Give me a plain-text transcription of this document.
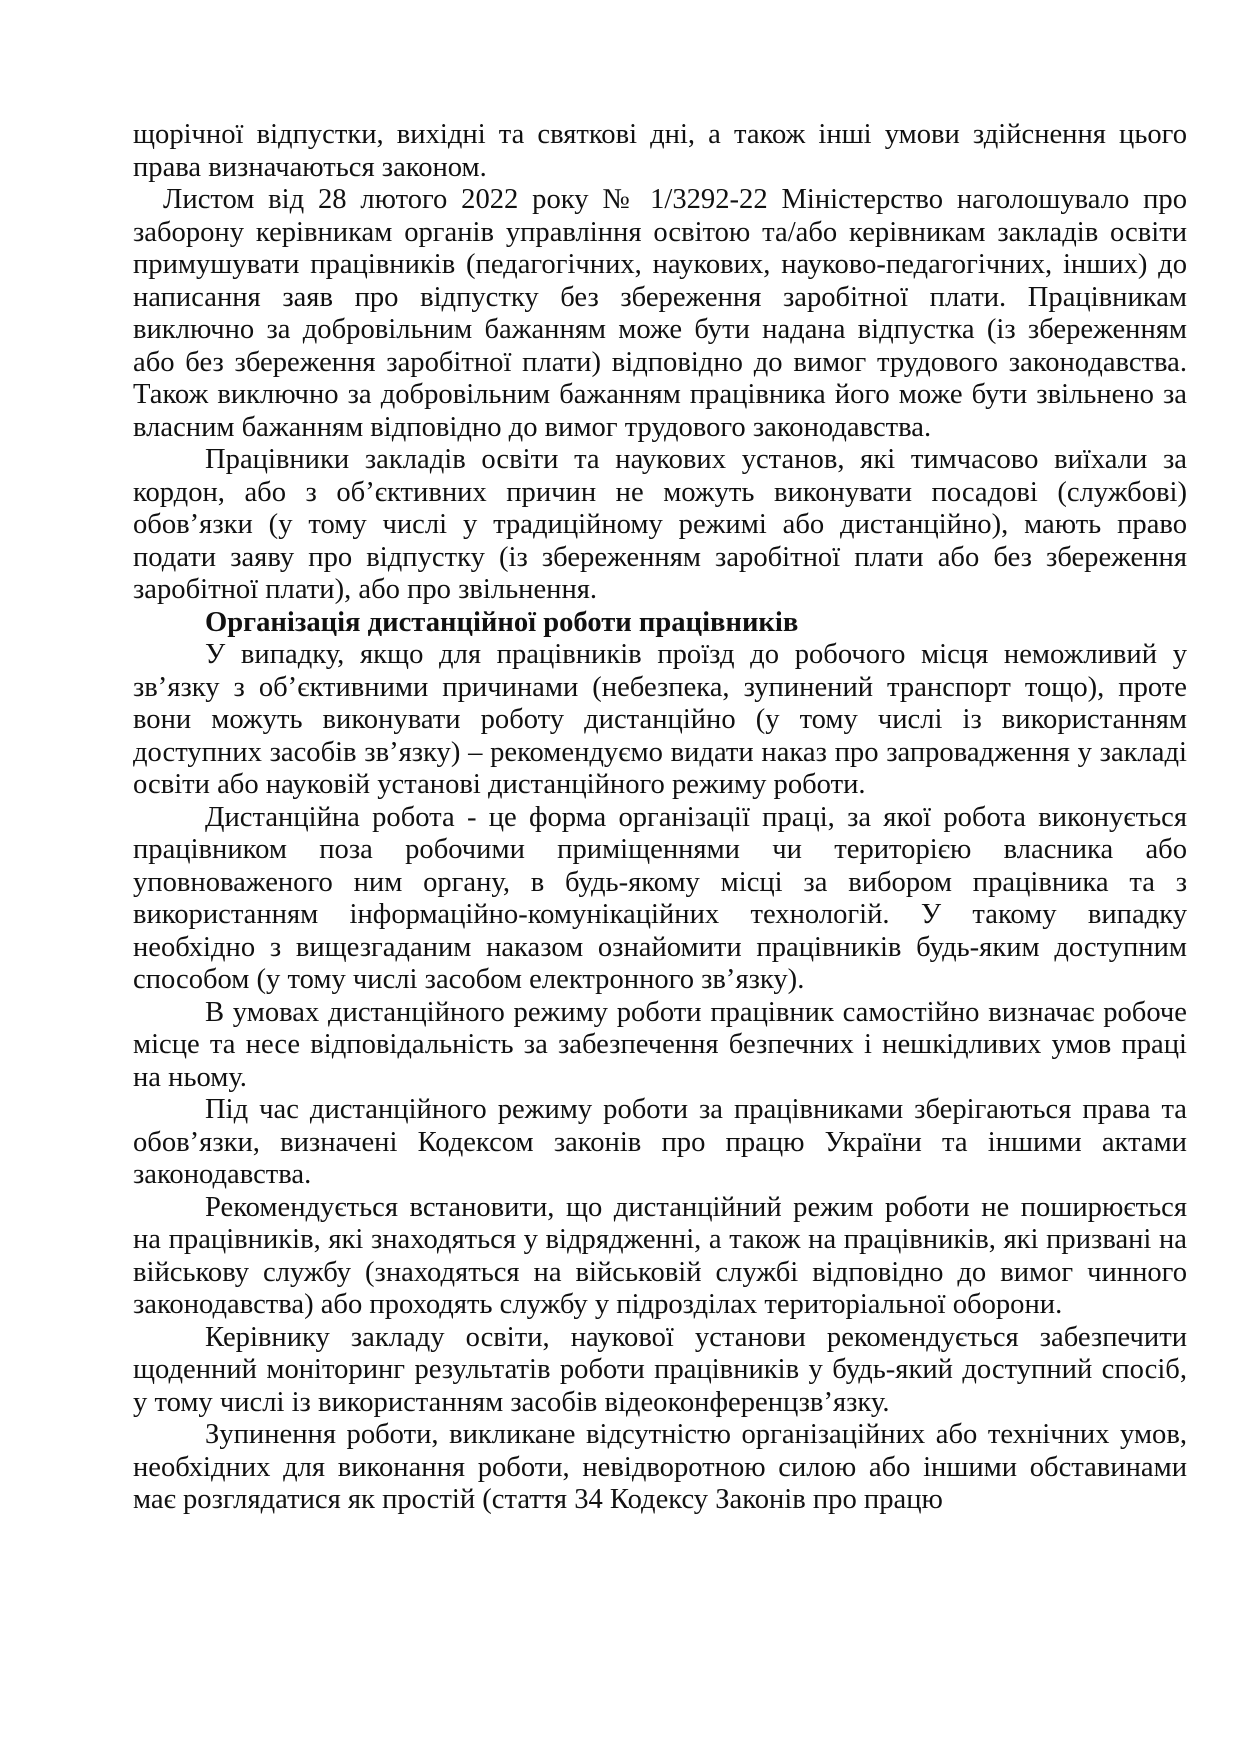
щорічної відпустки, вихідні та святкові дні, а також інші умови здійснення цього права визначаються законом.

Листом від 28 лютого 2022 року № 1/3292-22 Міністерство наголошувало про заборону керівникам органів управління освітою та/або керівникам закладів освіти примушувати працівників (педагогічних, наукових, науково-педагогічних, інших) до написання заяв про відпустку без збереження заробітної плати. Працівникам виключно за добровільним бажанням може бути надана відпустка (із збереженням або без збереження заробітної плати) відповідно до вимог трудового законодавства. Також виключно за добровільним бажанням працівника його може бути звільнено за власним бажанням відповідно до вимог трудового законодавства.

Працівники закладів освіти та наукових установ, які тимчасово виїхали за кордон, або з об’єктивних причин не можуть виконувати посадові (службові) обов’язки (у тому числі у традиційному режимі або дистанційно), мають право подати заяву про відпустку (із збереженням заробітної плати або без збереження заробітної плати), або про звільнення.

Організація дистанційної роботи працівників

У випадку, якщо для працівників проїзд до робочого місця неможливий у зв’язку з об’єктивними причинами (небезпека, зупинений транспорт тощо), проте вони можуть виконувати роботу дистанційно (у тому числі із використанням доступних засобів зв’язку) – рекомендуємо видати наказ про запровадження у закладі освіти або науковій установі дистанційного режиму роботи.

Дистанційна робота - це форма організації праці, за якої робота виконується працівником поза робочими приміщеннями чи територією власника або уповноваженого ним органу, в будь-якому місці за вибором працівника та з використанням інформаційно-комунікаційних технологій. У такому випадку необхідно з вищезгаданим наказом ознайомити працівників будь-яким доступним способом (у тому числі засобом електронного зв’язку).

В умовах дистанційного режиму роботи працівник самостійно визначає робоче місце та несе відповідальність за забезпечення безпечних і нешкідливих умов праці на ньому.

Під час дистанційного режиму роботи за працівниками зберігаються права та обов’язки, визначені Кодексом законів про працю України та іншими актами законодавства.

Рекомендується встановити, що дистанційний режим роботи не поширюється на працівників, які знаходяться у відрядженні, а також на працівників, які призвані на військову службу (знаходяться на військовій службі відповідно до вимог чинного законодавства) або проходять службу у підрозділах територіальної оборони.

Керівнику закладу освіти, наукової установи рекомендується забезпечити щоденний моніторинг результатів роботи працівників у будь-який доступний спосіб, у тому числі із використанням засобів відеоконференцзв’язку.

Зупинення роботи, викликане відсутністю організаційних або технічних умов, необхідних для виконання роботи, невідворотною силою або іншими обставинами має розглядатися як простій (стаття 34 Кодексу Законів про працю
